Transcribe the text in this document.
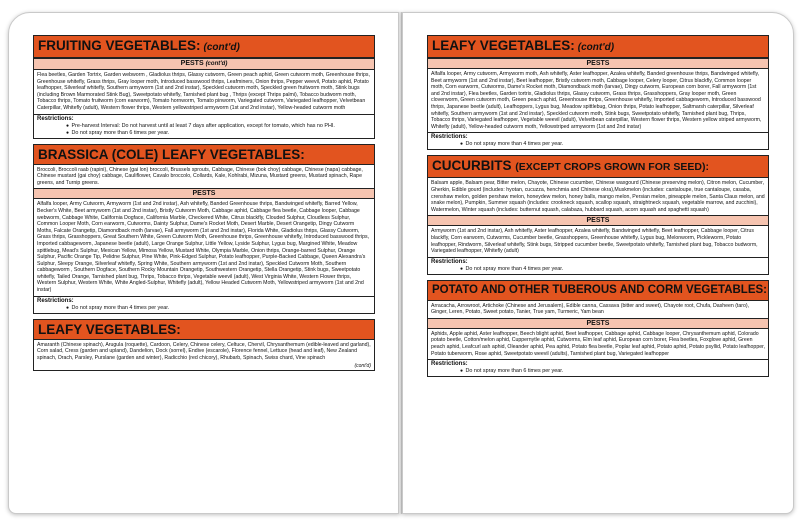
FRUITING VEGETABLES: (cont'd)
PESTS (cont'd)
Flea beetles, Garden Tortrix, Garden webworm , Gladiolus thrips, Glassy cutworm, Green peach aphid, Green cutworm moth, Greenhouse thrips, Greenhouse whitefly, Grass thrips, Gray looper moth, Introduced basswood thrips, Leafminers, Onion thrips, Pepper weevil, Potato aphid, Potato leafhopper, Silverleaf whitefly, Southern armyworm (1st and 2nd instar), Speckled cutworm moth, Speckled green fruitworm moth, Stink bugs (including Brown Marmorated Stink Bug), Sweetpotato whitefly, Tarnished plant bug , Thrips (except Thrips palmi), Tobacco budworm moth, Tobacco thrips, Tomato fruitworm (corn earworm), Tomato hornworm, Tomato pinworm, Variegated cutworm, Variegated leafhopper, Velvetbean Caterpillar, Whitefly (adult), Western flower thrips, Western yellowstriped armyworm (1st and 2nd instar), Yellow-headed cutworm moth
Restrictions:
● Pre-harvest Interval: Do not harvest until at least 7 days after application, except for tomato, which has no PHI.
● Do not spray more than 6 times per year.
BRASSICA (COLE) LEAFY VEGETABLES:
Broccoli, Broccoli raab (rapini), Chinese (gai lon) broccoli, Brussels sprouts, Cabbage, Chinese (bok choy) cabbage, Chinese (napa) cabbage, Chinese mustard (gai choy) cabbage, Cauliflower, Cavalo broccolo, Collards, Kale, Kohlrabi, Mizuna, Mustard greens, Mustard spinach, Rape greens, and Turnip greens.
PESTS
Alfalfa looper, Army Cutworm, Armyworm (1st and 2nd instar), Ash whitefly, Banded Greenhouse thrips, Bandwinged whitefly, Barred Yellow, Becker's White, Beet armyworm (1st and 2nd instar), Bristly Cutworm Moth, Cabbage aphid, Cabbage flea beetle, Cabbage looper, Cabbage webworm, Cabbage White, California Dogface, California Marble, Checkered White, Citrus blackfly, Clouded Sulphur, Cloudless Sulphur, Common Looper Moth, Corn earworm, Cutworms, Dainty Sulphur, Dame's Rocket Moth, Desert Marble, Desert Orangetip, Dingy Cutworm Moths, Falcate Orangetip, Diamondback moth (larvae), Fall armyworm (1st and 2nd instar), Florida White, Gladiolus thrips, Glassy Cutworm, Grass thrips, Grasshoppers, Great Southern White, Green Cutworm Moth, Greenhouse thrips, Greenhouse whitefly, Introduced basswood thrips, Imported cabbageworm, Japanese beetle (adult), Large Orange Sulphur, Little Yellow, Lyside Sulphur, Lygus bug, Margined White, Meadow spittlebug, Mead's Sulphur, Mexican Yellow, Mimosa Yellow, Mustard White, Olympia Marble, Onion thrips, Orange-barred Sulphur, Orange Sulphur, Pacific Orange Tip, Pelidne Sulphur, Pine White, Pink-Edged Sulphur, Potato leafhopper, Purple-Backed Cabbage, Queen Alexandra's Sulphur, Sleepy Orange, Silverleaf whitefly, Spring White, Southern armyworm (1st and 2nd instar), Speckled Cutworm Moth, Southern cabbageworm , Southern Dogface, Southern Rocky Mountain Orangetip, Southwestern Orangetip, Stella Orangetip, Stink bugs, Sweetpotato whitefly, Tailed Orange, Tarnished plant bug, Thrips, Tobacco thrips, Vegetable weevil (adult), West Virginia White, Western Flower thrips, Western Sulphur, Western White, White Angled-Sulphur, Whitefly (adult), Yellow Headed Cutworm Moth, Yellowstriped armyworm (1st and 2nd instar)
Restrictions:
● Do not spray more than 4 times per year.
LEAFY VEGETABLES:
Amaranth (Chinese spinach), Arugula (roquette), Cardoon, Celery, Chinese celery, Celtuce, Chervil, Chrysanthemum (edible-leaved and garland), Corn salad, Cress (garden and upland), Dandelion, Dock (sorrel), Endive (escarole), Florence fennel, Lettuce (head and leaf), New Zealand spinach, Orach, Parsley, Purslane (garden and winter), Radicchio (red chicory), Rhubarb, Spinach, Swiss chard, Vine spinach
(cont'd)
LEAFY VEGETABLES: (cont'd)
PESTS
Alfalfa looper, Army cutworm, Armyworm moth, Ash whitefly, Aster leafhopper, Azalea whitefly, Banded greenhouse thrips, Bandwinged whitefly, Beet armyworm (1st and 2nd instar), Beet leafhopper, Bristly cutworm moth, Cabbage looper, Celery looper, Citrus blackfly, Common looper moth, Corn earworm, Cutworms, Dame's Rocket moth, Diamondback moth (larvae), Dingy cutworm, European corn borer, Fall armyworm (1st and 2nd instar), Flea beetles, Garden tortrix, Gladiolus thrips, Glassy cutworm, Grass thrips, Grasshoppers, Gray looper moth, Green cloverworm, Green cutworm moth, Green peach aphid, Greenhouse thrips, Greenhouse whitefly, Imported cabbageworm, Introduced basswood thrips, Japanese beetle (adult), Leafhoppers, Lygus bug, Meadow spittlebug, Onion thrips, Potato leafhopper, Saltmarsh caterpillar, Silverleaf whitefly, Southern armyworm (1st and 2nd instar), Speckled cutworm moth, Stink bugs, Sweetpotato whitefly, Tarnished plant bug, Thrips, Tobacco thrips, Variegated leafhopper, Vegetable weevil (adult), Velvetbean caterpillar, Western flower thrips, Western yellow striped armyworm, Whitefly (adult), Yellow-headed cutworm moth, Yellowstriped armyworm (1st and 2nd instar)
Restrictions:
● Do not spray more than 4 times per year.
CUCURBITS (EXCEPT CROPS GROWN FOR SEED):
Balsam apple, Balsam pear, Bitter melon, Chayote, Chinese cucumber, Chinese waxgourd (Chinese preserving melon), Citron melon, Cucumber, Gherkin, Edible gourd (includes: hyotan, cucuzza, henchmia and Chinese okra),Muskmelon (includes: cantaloupe, true cantaloupe, casaba, crenshaw melon, golden pershaw melon, honeydew melon, honey balls, mango melon, Persian melon, pineapple melon, Santa Claus melon, and snake melon), Pumpkin, Summer squash (includes: crookneck squash, scallop squash, straightneck squash, vegetable marrow, and zucchini), Watermelon, Winter squash (includes: butternut squash, calabaza, hubbard squash, acorn squash and spaghetti squash)
PESTS
Armyworm (1st and 2nd instar), Ash whitefly, Aster leafhopper, Azalea whitefly, Bandwinged whitefly, Beet leafhopper, Cabbage looper, Citrus blackfly, Corn earworm, Cutworms, Cucumber beetle, Grasshoppers, Greenhouse whitefly, Lygus bug, Melonworm, Pickleworm, Potato leafhopper, Rindworm, Silverleaf whitefly, Stink bugs, Stripped cucumber beetle, Sweetpotato whitefly, Tarnished plant bug, Tobacco budworm, Variegated leafhopper, Whitefly (adult)
Restrictions:
● Do not spray more than 4 times per year.
POTATO AND OTHER TUBEROUS AND CORM VEGETABLES:
Arracacha, Arrowroot, Artichoke (Chinese and Jerusalem), Edible canna, Cassava (bitter and sweet), Chayote root, Chufa, Dasheen (taro), Ginger, Leren, Potato, Sweet potato, Tanier, True yam, Turmeric, Yam bean
PESTS
Aphids, Apple aphid, Aster leafhopper, Beech blight aphid, Beet leafhopper, Cabbage aphid, Cabbage looper, Chrysanthemum aphid, Colorado potato beetle, Cotton/melon aphid, Cuppernytle aphid, Cutworms, Elm leaf aphid, European corn borer, Flea beetles, Foxglove aphid, Green peach aphid, Leafcurl ash aphid, Oleander aphid, Pea aphid, Potato flea beetle, Poplar leaf aphid, Potato aphid, Potato psyllid, Potato leafhopper, Potato tuberworm, Rose aphid, Sweetpotato weevil (adults), Tarnished plant bug, Variegated leafhopper
Restrictions:
● Do not spray more than 6 times per year.
